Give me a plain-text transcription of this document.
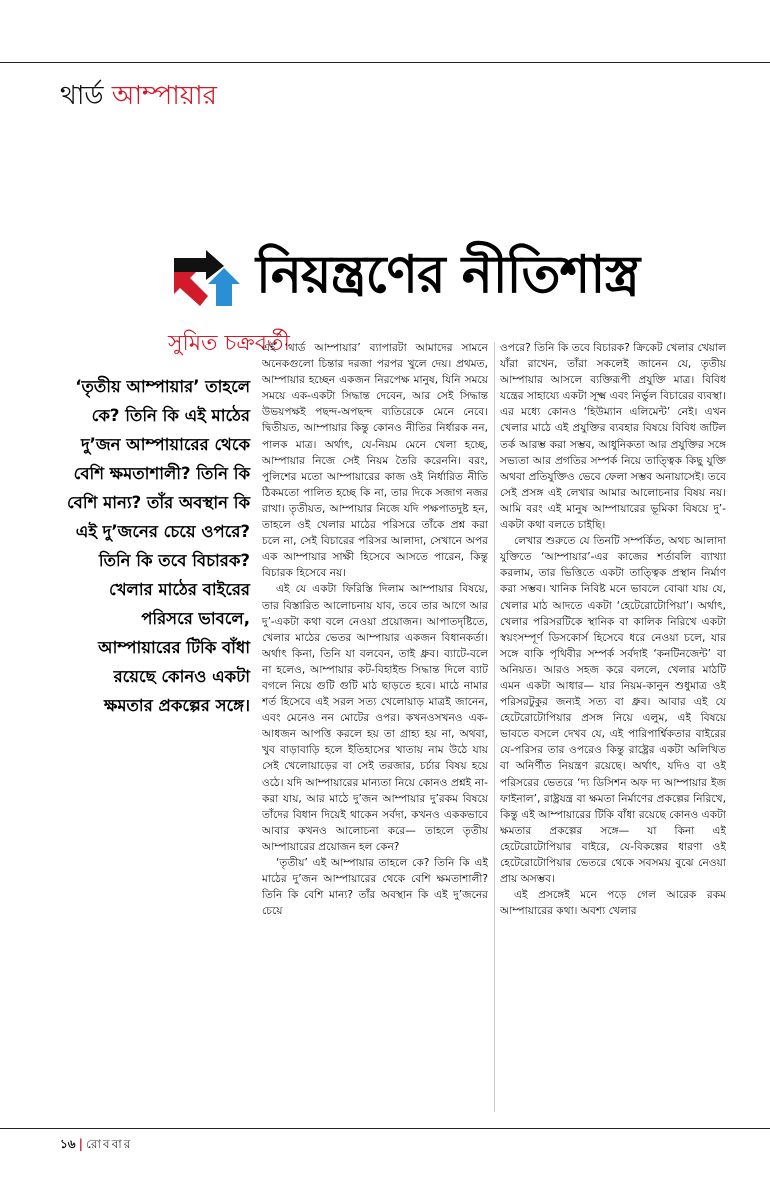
থার্ড আম্পায়ার
নিয়ন্ত্রণের নীতিশাস্ত্র
সুমিত চক্রবর্তী
‘তৃতীয় আম্পায়ার’ তাহলে কে? তিনি কি এই মাঠের দু’জন আম্পায়ারের থেকে বেশি ক্ষমতাশালী? তিনি কি বেশি মান্য? তাঁর অবস্থান কি এই দু’জনের চেয়ে ওপরে? তিনি কি তবে বিচারক? খেলার মাঠের বাইরের পরিসরে ভাবলে, আম্পায়ারের টিকি বাঁধা রয়েছে কোনও একটা ক্ষমতার প্রকল্পের সঙ্গে।

এই ‘থার্ড আম্পায়ার’ ব্যাপারটা আমাদের সামনে অনেকগুলো চিন্তার দরজা পরপর খুলে দেয়। প্রথমত, আম্পায়ার হচ্ছেন একজন নিরপেক্ষ মানুষ, যিনি সময়ে সময়ে এক-একটা সিদ্ধান্ত দেবেন, আর সেই সিদ্ধান্ত উভয়পক্ষই পছন্দ-অপছন্দ ব্যতিরেকে মেনে নেবে। দ্বিতীয়ত, আম্পায়ার কিন্তু কোনও নীতির নির্ধারক নন, পালক মাত্র। অর্থাৎ, যে-নিয়ম মেনে খেলা হচ্ছে, আম্পায়ার নিজে সেই নিয়ম তৈরি করেননি। বরং, পুলিশের মতো আম্পায়ারের কাজ ওই নির্ধারিত নীতি ঠিকমতো পালিত হচ্ছে কি না, তার দিকে সজাগ নজর রাখা। তৃতীয়ত, আম্পায়ার নিজে যদি পক্ষপাতদুষ্ট হন, তাহলে ওই খেলার মাঠের পরিসরে তাঁকে প্রশ্ন করা চলে না, সেই বিচারের পরিসর আলাদা, সেখানে অপর এক আম্পায়ার সাক্ষী হিসেবে আসতে পারেন, কিন্তু বিচারক হিসেবে নয়।

এই যে একটা ফিরিস্তি দিলাম আম্পায়ার বিষয়ে, তার বিস্তারিত আলোচনায় যাব, তবে তার আগে আর দু’-একটা কথা বলে নেওয়া প্রয়োজন। আপাতদৃষ্টিতে, খেলার মাঠের ভেতর আম্পায়ার একজন বিধানকর্তা। অর্থাৎ কিনা, তিনি যা বলবেন, তাই ধ্রুব। ব্যাটে-বলে না হলেও, আম্পায়ার কট-বিহাইন্ড সিদ্ধান্ত দিলে ব্যাট বগলে নিয়ে গুটি গুটি মাঠ ছাড়তে হবে। মাঠে নামার শর্ত হিসেবে এই সরল সত্য খেলোয়াড় মাত্রই জানেন, এবং মেনেও নন মোটের ওপর। কখনওসখনও এক-আধজন আপত্তি করলে হয় তা গ্রাহ্য হয় না, অথবা, খুব বাড়াবাড়ি হলে ইতিহাসের খাতায় নাম উঠে যায় সেই খেলোয়াড়ের বা সেই তরজার, চর্চার বিষয় হয়ে ওঠে। যদি আম্পায়ারের মান্যতা নিয়ে কোনও প্রশ্নই না-করা যায়, আর মাঠে দু’জন আম্পায়ার দু’রকম বিষয়ে তাঁদের বিধান দিয়েই থাকেন সর্বদা, কখনও এককভাবে আবার কখনও আলোচনা করে— তাহলে তৃতীয় আম্পায়ারের প্রয়োজন হল কেন?

‘তৃতীয়’ এই আম্পায়ার তাহলে কে? তিনি কি এই মাঠের দু’জন আম্পায়ারের থেকে বেশি ক্ষমতাশালী? তিনি কি বেশি মান্য? তাঁর অবস্থান কি এই দু’জনের চেয়ে

ওপরে? তিনি কি তবে বিচারক? ক্রিকেট খেলার খেয়াল যাঁরা রাখেন, তাঁরা সকলেই জানেন যে, তৃতীয় আম্পায়ার আসলে ব্যক্তিরূপী প্রযুক্তি মাত্র। বিবিধ যন্ত্রের সাহায্যে একটা সূক্ষ্ম এবং নির্ভুল বিচারের ব্যবস্থা। এর মধ্যে কোনও ‘হিউম্যান এলিমেন্ট’ নেই। এখন খেলার মাঠে এই প্রযুক্তির ব্যবহার বিষয়ে বিবিধ জটিল তর্ক আরম্ভ করা সম্ভব, আধুনিকতা আর প্রযুক্তির সঙ্গে সভ্যতা আর প্রগতির সম্পর্ক নিয়ে তাত্ত্বিক কিছু যুক্তি অথবা প্রতিযুক্তিও ভেবে ফেলা সম্ভব অনায়াসেই। তবে সেই প্রসঙ্গ এই লেখার আমার আলোচনার বিষয় নয়। আমি বরং এই মানুষ আম্পায়ারের ভূমিকা বিষয়ে দু’-একটা কথা বলতে চাইছি।

লেখার শুরুতে যে তিনটি সম্পর্কিত, অথচ আলাদা যুক্তিতে ‘আম্পায়ার’-এর কাজের শর্তাবলি ব্যাখ্যা করলাম, তার ভিত্তিতে একটা তাত্ত্বিক প্রস্থান নির্মাণ করা সম্ভব। খানিক নিবিষ্ট মনে ভাবলে বোঝা যায় যে, খেলার মাঠ আদতে একটা ‘হেটেরোটোপিয়া’। অর্থাৎ, খেলার পরিসরটিকে স্থানিক বা কালিক নিরিখে একটা স্বয়ংসম্পূর্ণ ডিসকোর্স হিসেবে ধরে নেওয়া চলে, যার সঙ্গে বাকি পৃথিবীর সম্পর্ক সর্বদাই ‘কনটিনজেন্ট’ বা অনিয়ত। আরও সহজ করে বললে, খেলার মাঠটি এমন একটা আধার— যার নিয়ম-কানুন শুধুমাত্র ওই পরিসরটুকুর জন্যই সত্য বা ধ্রুব। আবার এই যে হেটেরোটোপিয়ার প্রসঙ্গ নিয়ে এলুম, এই বিষয়ে ভাবতে বসলে দেখব যে, এই পারিপার্শ্বিকতার বাইরের যে-পরিসর তার ওপরেও কিন্তু রাষ্ট্রের একটা অলিখিত বা অনির্ণীত নিয়ন্ত্রণ রয়েছে। অর্থাৎ, যদিও বা ওই পরিসরের ভেতরে ‘দ্য ডিসিশন অফ দ্য আম্পায়ার ইজ ফাইনাল’, রাষ্ট্রযন্ত্র বা ক্ষমতা নির্মাণের প্রকল্পের নিরিখে, কিন্তু এই আম্পায়ারের টিকি বাঁধা রয়েছে কোনও একটা ক্ষমতার প্রকল্পের সঙ্গে— যা কিনা এই হেটেরোটোপিয়ার বাইরে, যে-বিকল্পের ধারণা ওই হেটেরোটোপিয়ার ভেতরে থেকে সবসময় বুঝে নেওয়া প্রায় অসম্ভব।

এই প্রসঙ্গেই মনে পড়ে গেল আরেক রকম আম্পায়ারের কথা। অবশ্য খেলার

১৬ | রোববার
